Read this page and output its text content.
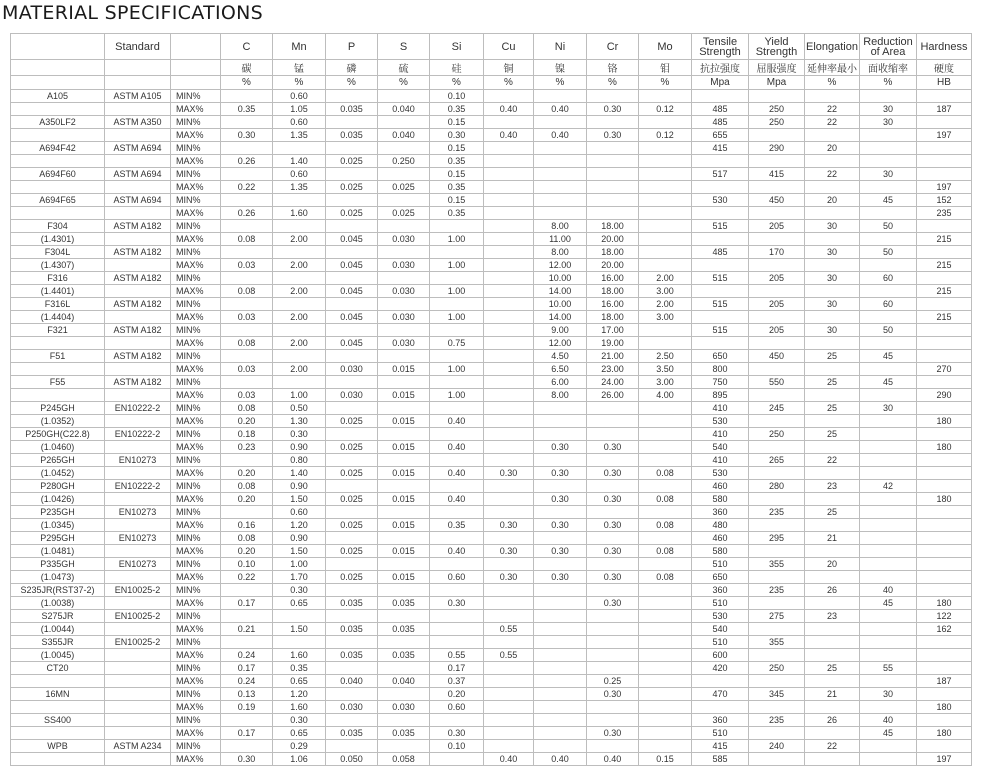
MATERIAL SPECIFICATIONS
	Standard		C	Mn	P	S	Si	Cu	Ni	Cr	Mo	Tensile Strength	Yield Strength	Elongation	Reduction of Area	Hardness
			碳	锰	磷	硫	硅	铜	镍	铬	钼	抗拉强度	屈服强度	延伸率最小	面收缩率	硬度
			%	%	%	%	%	%	%	%	%	Mpa	Mpa	%	%	HB
A105	ASTM A105	MIN%		0.60			0.10									
		MAX%	0.35	1.05	0.035	0.040	0.35	0.40	0.40	0.30	0.12	485	250	22	30	187
A350LF2	ASTM A350	MIN%		0.60			0.15					485	250	22	30	
		MAX%	0.30	1.35	0.035	0.040	0.30	0.40	0.40	0.30	0.12	655				197
A694F42	ASTM A694	MIN%					0.15					415	290	20		
		MAX%	0.26	1.40	0.025	0.250	0.35									
A694F60	ASTM A694	MIN%		0.60			0.15					517	415	22	30	
		MAX%	0.22	1.35	0.025	0.025	0.35									197
A694F65	ASTM A694	MIN%					0.15					530	450	20	45	152
		MAX%	0.26	1.60	0.025	0.025	0.35									235
F304	ASTM A182	MIN%							8.00	18.00		515	205	30	50	
(1.4301)		MAX%	0.08	2.00	0.045	0.030	1.00		11.00	20.00						215
F304L	ASTM A182	MIN%							8.00	18.00		485	170	30	50	
(1.4307)		MAX%	0.03	2.00	0.045	0.030	1.00		12.00	20.00						215
F316	ASTM A182	MIN%							10.00	16.00	2.00	515	205	30	60	
(1.4401)		MAX%	0.08	2.00	0.045	0.030	1.00		14.00	18.00	3.00					215
F316L	ASTM A182	MIN%							10.00	16.00	2.00	515	205	30	60	
(1.4404)		MAX%	0.03	2.00	0.045	0.030	1.00		14.00	18.00	3.00					215
F321	ASTM A182	MIN%							9.00	17.00		515	205	30	50	
		MAX%	0.08	2.00	0.045	0.030	0.75		12.00	19.00						
F51	ASTM A182	MIN%							4.50	21.00	2.50	650	450	25	45	
		MAX%	0.03	2.00	0.030	0.015	1.00		6.50	23.00	3.50	800				270
F55	ASTM A182	MIN%							6.00	24.00	3.00	750	550	25	45	
		MAX%	0.03	1.00	0.030	0.015	1.00		8.00	26.00	4.00	895				290
P245GH	EN10222-2	MIN%	0.08	0.50								410	245	25	30	
(1.0352)		MAX%	0.20	1.30	0.025	0.015	0.40					530				180
P250GH(C22.8)	EN10222-2	MIN%	0.18	0.30								410	250	25		
(1.0460)		MAX%	0.23	0.90	0.025	0.015	0.40		0.30	0.30		540				180
P265GH	EN10273	MIN%		0.80								410	265	22		
(1.0452)		MAX%	0.20	1.40	0.025	0.015	0.40	0.30	0.30	0.30	0.08	530				
P280GH	EN10222-2	MIN%	0.08	0.90								460	280	23	42	
(1.0426)		MAX%	0.20	1.50	0.025	0.015	0.40		0.30	0.30	0.08	580				180
P235GH	EN10273	MIN%		0.60								360	235	25		
(1.0345)		MAX%	0.16	1.20	0.025	0.015	0.35	0.30	0.30	0.30	0.08	480				
P295GH	EN10273	MIN%	0.08	0.90								460	295	21		
(1.0481)		MAX%	0.20	1.50	0.025	0.015	0.40	0.30	0.30	0.30	0.08	580				
P335GH	EN10273	MIN%	0.10	1.00								510	355	20		
(1.0473)		MAX%	0.22	1.70	0.025	0.015	0.60	0.30	0.30	0.30	0.08	650				
S235JR(RST37-2)	EN10025-2	MIN%		0.30								360	235	26	40	
(1.0038)		MAX%	0.17	0.65	0.035	0.035	0.30			0.30		510			45	180
S275JR	EN10025-2	MIN%										530	275	23		122
(1.0044)		MAX%	0.21	1.50	0.035	0.035		0.55				540				162
S355JR	EN10025-2	MIN%										510	355			
(1.0045)		MAX%	0.24	1.60	0.035	0.035	0.55	0.55				600				
CT20		MIN%	0.17	0.35			0.17					420	250	25	55	
		MAX%	0.24	0.65	0.040	0.040	0.37			0.25						187
16MN		MIN%	0.13	1.20			0.20			0.30		470	345	21	30	
		MAX%	0.19	1.60	0.030	0.030	0.60									180
SS400		MIN%		0.30								360	235	26	40	
		MAX%	0.17	0.65	0.035	0.035	0.30			0.30		510			45	180
WPB	ASTM A234	MIN%		0.29			0.10					415	240	22		
		MAX%	0.30	1.06	0.050	0.058		0.40	0.40	0.40	0.15	585				197
